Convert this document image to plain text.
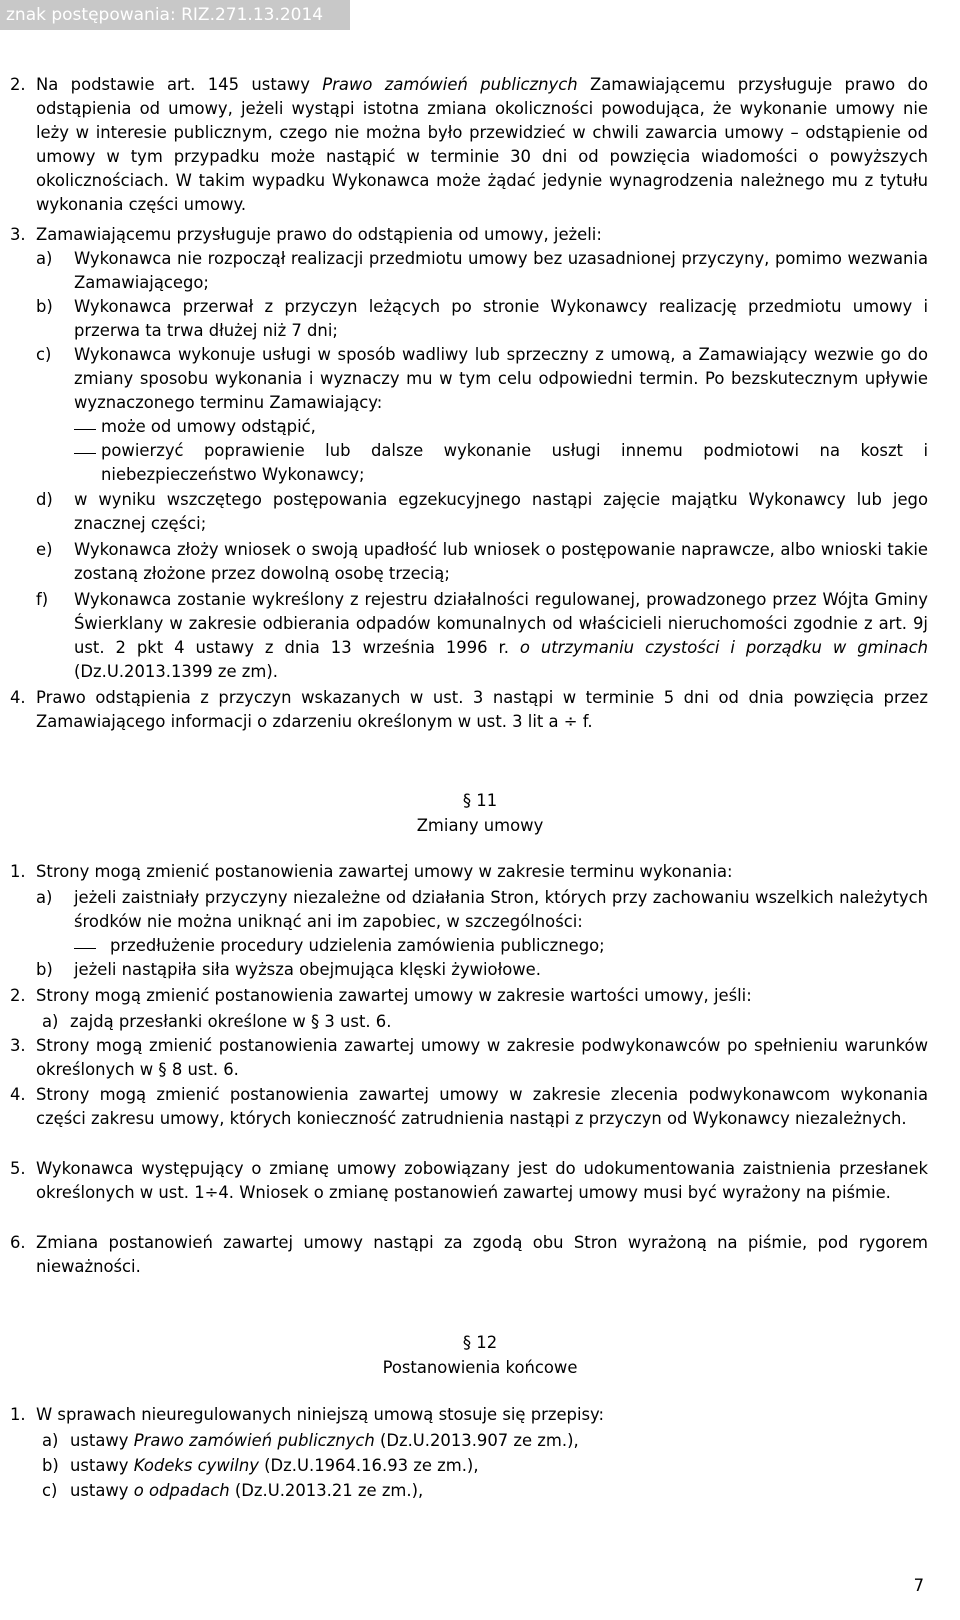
znak postępowania: RIZ.271.13.2014
2. Na podstawie art. 145 ustawy Prawo zamówień publicznych Zamawiającemu przysługuje prawo do odstąpienia od umowy, jeżeli wystąpi istotna zmiana okoliczności powodująca, że wykonanie umowy nie leży w interesie publicznym, czego nie można było przewidzieć w chwili zawarcia umowy – odstąpienie od umowy w tym przypadku może nastąpić w terminie 30 dni od powzięcia wiadomości o powyższych okolicznościach. W takim wypadku Wykonawca może żądać jedynie wynagrodzenia należnego mu z tytułu wykonania części umowy.
3. Zamawiającemu przysługuje prawo do odstąpienia od umowy, jeżeli:
a) Wykonawca nie rozpoczął realizacji przedmiotu umowy bez uzasadnionej przyczyny, pomimo wezwania Zamawiającego;
b) Wykonawca przerwał z przyczyn leżących po stronie Wykonawcy realizację przedmiotu umowy i przerwa ta trwa dłużej niż 7 dni;
c) Wykonawca wykonuje usługi w sposób wadliwy lub sprzeczny z umową, a Zamawiający wezwie go do zmiany sposobu wykonania i wyznaczy mu w tym celu odpowiedni termin. Po bezskutecznym upływie wyznaczonego terminu Zamawiający:
może od umowy odstąpić,
powierzyć poprawienie lub dalsze wykonanie usługi innemu podmiotowi na koszt i niebezpieczeństwo Wykonawcy;
d) w wyniku wszczętego postępowania egzekucyjnego nastąpi zajęcie majątku Wykonawcy lub jego znacznej części;
e) Wykonawca złoży wniosek o swoją upadłość lub wniosek o postępowanie naprawcze, albo wnioski takie zostaną złożone przez dowolną osobę trzecią;
f) Wykonawca zostanie wykreślony z rejestru działalności regulowanej, prowadzonego przez Wójta Gminy Świerklany w zakresie odbierania odpadów komunalnych od właścicieli nieruchomości zgodnie z art. 9j ust. 2 pkt 4 ustawy z dnia 13 września 1996 r. o utrzymaniu czystości i porządku w gminach (Dz.U.2013.1399 ze zm).
4. Prawo odstąpienia z przyczyn wskazanych w ust. 3 nastąpi w terminie 5 dni od dnia powzięcia przez Zamawiającego informacji o zdarzeniu określonym w ust. 3 lit a ÷ f.
§ 11
Zmiany umowy
1. Strony mogą zmienić postanowienia zawartej umowy w zakresie terminu wykonania:
a) jeżeli zaistniały przyczyny niezależne od działania Stron, których przy zachowaniu wszelkich należytych środków nie można uniknąć ani im zapobiec, w szczególności:
przedłużenie procedury udzielenia zamówienia publicznego;
b) jeżeli nastąpiła siła wyższa obejmująca klęski żywiołowe.
2. Strony mogą zmienić postanowienia zawartej umowy w zakresie wartości umowy, jeśli:
a) zajdą przesłanki określone w § 3 ust. 6.
3. Strony mogą zmienić postanowienia zawartej umowy w zakresie podwykonawców po spełnieniu warunków określonych w § 8 ust. 6.
4. Strony mogą zmienić postanowienia zawartej umowy w zakresie zlecenia podwykonawcom wykonania części zakresu umowy, których konieczność zatrudnienia nastąpi z przyczyn od Wykonawcy niezależnych.
5. Wykonawca występujący o zmianę umowy zobowiązany jest do udokumentowania zaistnienia przesłanek określonych w ust. 1÷4. Wniosek o zmianę postanowień zawartej umowy musi być wyrażony na piśmie.
6. Zmiana postanowień zawartej umowy nastąpi za zgodą obu Stron wyrażoną na piśmie, pod rygorem nieważności.
§ 12
Postanowienia końcowe
1. W sprawach nieuregulowanych niniejszą umową stosuje się przepisy:
a) ustawy Prawo zamówień publicznych (Dz.U.2013.907 ze zm.),
b) ustawy Kodeks cywilny (Dz.U.1964.16.93 ze zm.),
c) ustawy o odpadach (Dz.U.2013.21 ze zm.),
7
